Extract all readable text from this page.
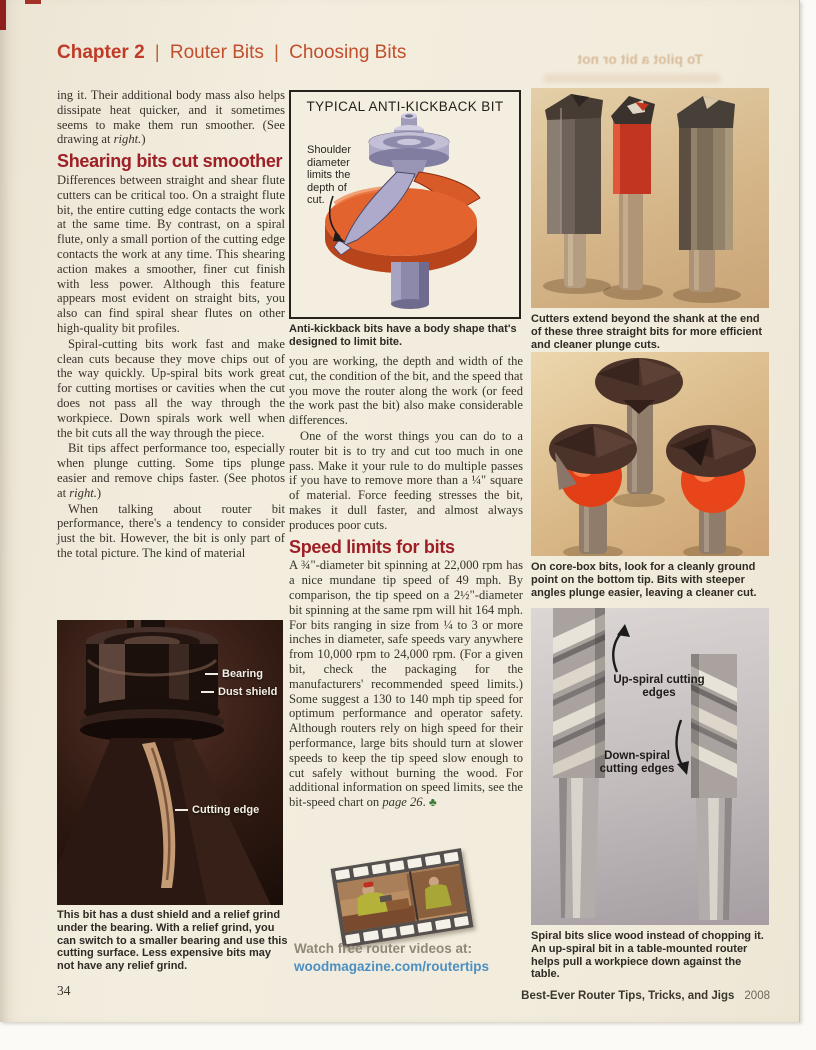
To pilot a bit or not
Chapter 2 | Router Bits | Choosing Bits

ing it. Their additional body mass also helps dissipate heat quicker, and it sometimes seems to make them run smoother. (See drawing at right.)

Shearing bits cut smoother

Differences between straight and shear flute cutters can be critical too. On a straight flute bit, the entire cutting edge contacts the work at the same time. By contrast, on a spiral flute, only a small portion of the cutting edge contacts the work at any time. This shearing action makes a smoother, finer cut finish with less power. Although this feature appears most evident on straight bits, you also can find spiral shear flutes on other high-quality bit profiles.

Spiral-cutting bits work fast and make clean cuts because they move chips out of the way quickly. Up-spiral bits work great for cutting mortises or cavities when the cut does not pass all the way through the workpiece. Down spirals work well when the bit cuts all the way through the piece.

Bit tips affect performance too, especially when plunge cutting. Some tips plunge easier and remove chips faster. (See photos at right.)

When talking about router bit performance, there's a tendency to consider just the bit. However, the bit is only part of the total picture. The kind of material

TYPICAL ANTI-KICKBACK BIT
Shoulder diameter limits the depth of cut.
Anti-kickback bits have a body shape that's designed to limit bite.

you are working, the depth and width of the cut, the condition of the bit, and the speed that you move the router along the work (or feed the work past the bit) also make considerable differences.

One of the worst things you can do to a router bit is to try and cut too much in one pass. Make it your rule to do multiple passes if you have to remove more than a ¼" square of material. Force feeding stresses the bit, makes it dull faster, and almost always produces poor cuts.

Speed limits for bits

A ¾"-diameter bit spinning at 22,000 rpm has a nice mundane tip speed of 49 mph. By comparison, the tip speed on a 2½"-diameter bit spinning at the same rpm will hit 164 mph. For bits ranging in size from ¼ to 3 or more inches in diameter, safe speeds vary anywhere from 10,000 rpm to 24,000 rpm. (For a given bit, check the packaging for the manufacturers' recommended speed limits.) Some suggest a 130 to 140 mph tip speed for optimum performance and operator safety. Although routers rely on high speed for their performance, large bits should turn at slower speeds to keep the tip speed slow enough to cut safely without burning the wood. For additional information on speed limits, see the bit-speed chart on page 26. ♣

Watch free router videos at:
woodmagazine.com/routertips
Cutters extend beyond the shank at the end of these three straight bits for more efficient and cleaner plunge cuts.
On core-box bits, look for a cleanly ground point on the bottom tip. Bits with steeper angles plunge easier, leaving a cleaner cut.
Up-spiral cutting edges
Down-spiral cutting edges
Spiral bits slice wood instead of chopping it. An up-spiral bit in a table-mounted router helps pull a workpiece down against the table.
Bearing
Dust shield
Cutting edge
This bit has a dust shield and a relief grind under the bearing. With a relief grind, you can switch to a smaller bearing and use this cutting surface. Less expensive bits may not have any relief grind.
34	Best-Ever Router Tips, Tricks, and Jigs 2008
